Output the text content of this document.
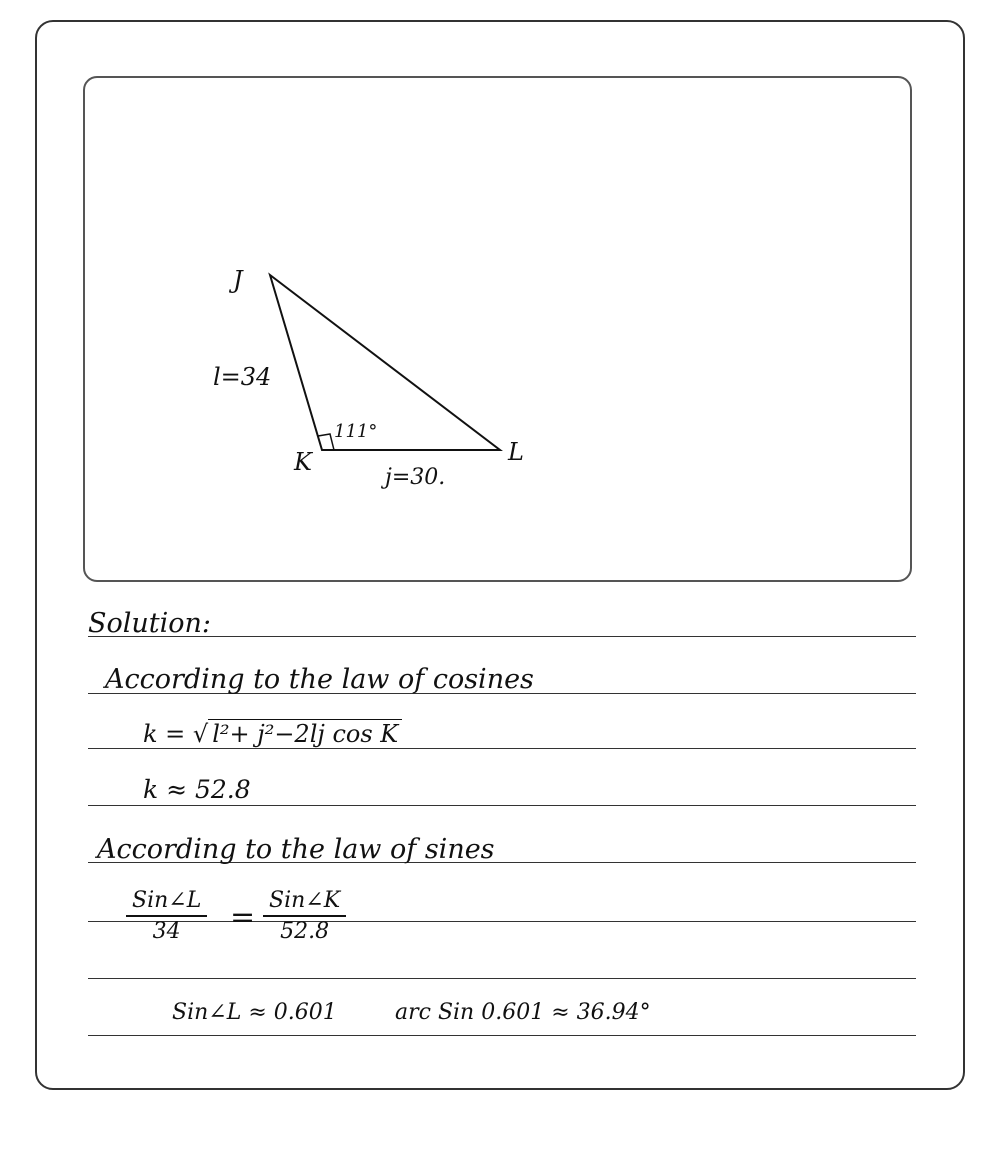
J
K	L
l=34
j=30.
111°
Solution:
According to the law of cosines
k = √ l²+ j²−2lj cos K
k ≈ 52.8
According to the law of sines
Sin∠L
34 = Sin∠K
52.8
Sin∠L ≈ 0.601	arc Sin 0.601 ≈ 36.94°
